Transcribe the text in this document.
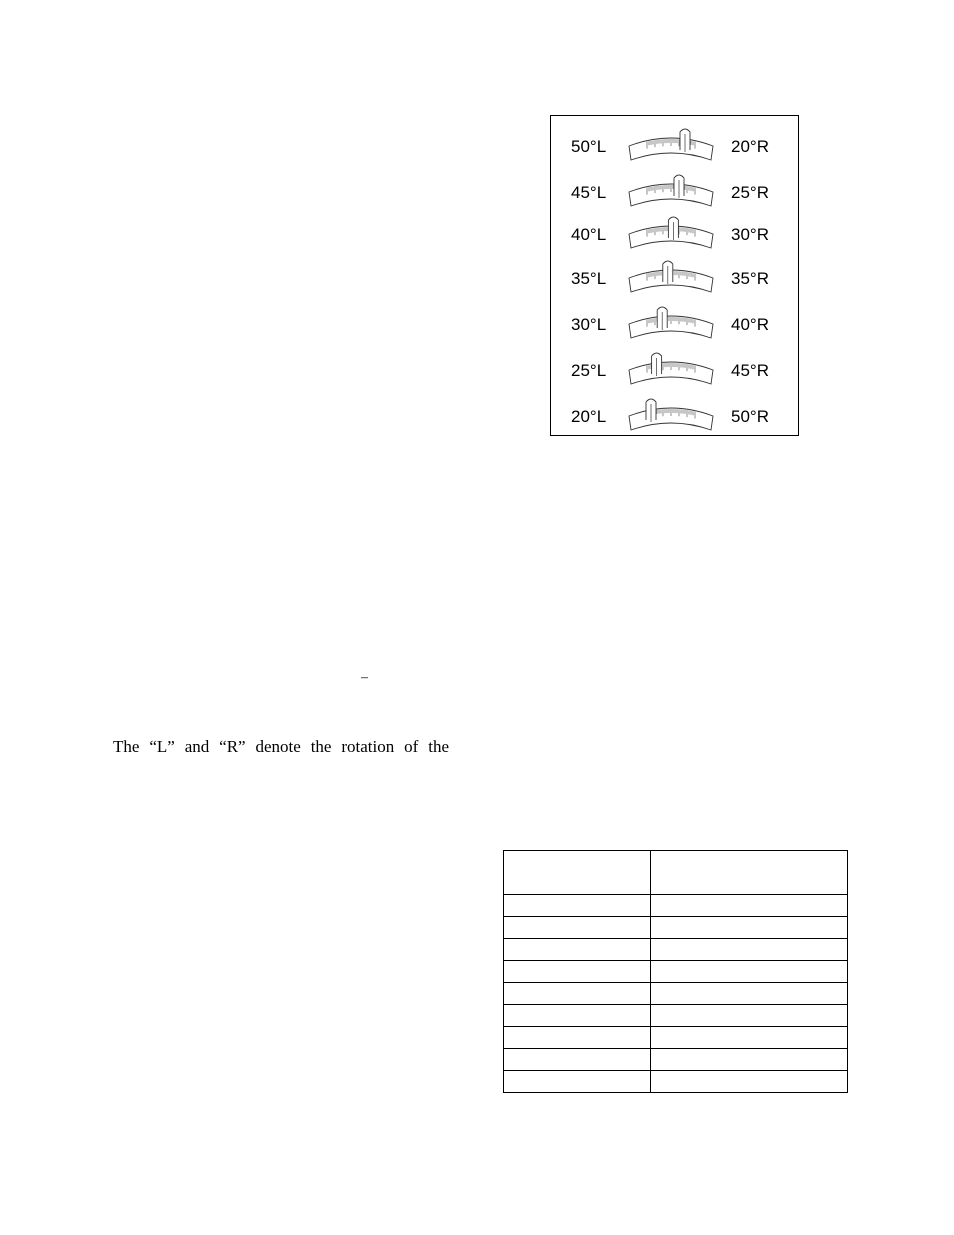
50°L	20°R
45°L	25°R
40°L	30°R
35°L	35°R
30°L	40°R
25°L	45°R
20°L	50°R
–
The “L” and “R” denote the rotation of the
